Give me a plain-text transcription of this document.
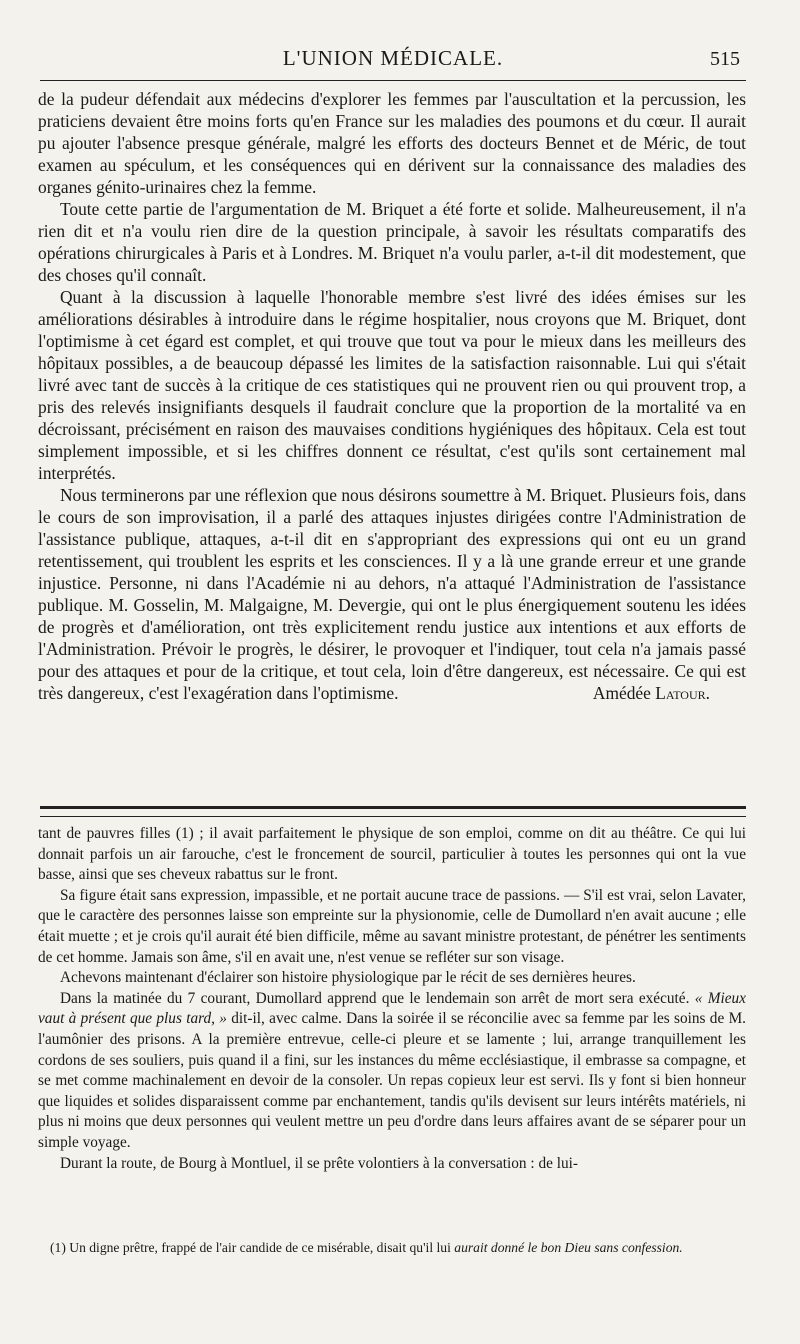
L'UNION MÉDICALE.	515

de la pudeur défendait aux médecins d'explorer les femmes par l'auscultation et la percussion, les praticiens devaient être moins forts qu'en France sur les maladies des poumons et du cœur. Il aurait pu ajouter l'absence presque générale, malgré les efforts des docteurs Bennet et de Méric, de tout examen au spéculum, et les conséquences qui en dérivent sur la connaissance des maladies des organes génito-urinaires chez la femme.

Toute cette partie de l'argumentation de M. Briquet a été forte et solide. Malheureusement, il n'a rien dit et n'a voulu rien dire de la question principale, à savoir les résultats comparatifs des opérations chirurgicales à Paris et à Londres. M. Briquet n'a voulu parler, a-t-il dit modestement, que des choses qu'il connaît.

Quant à la discussion à laquelle l'honorable membre s'est livré des idées émises sur les améliorations désirables à introduire dans le régime hospitalier, nous croyons que M. Briquet, dont l'optimisme à cet égard est complet, et qui trouve que tout va pour le mieux dans les meilleurs des hôpitaux possibles, a de beaucoup dépassé les limites de la satisfaction raisonnable. Lui qui s'était livré avec tant de succès à la critique de ces statistiques qui ne prouvent rien ou qui prouvent trop, a pris des relevés insignifiants desquels il faudrait conclure que la proportion de la mortalité va en décroissant, précisément en raison des mauvaises conditions hygiéniques des hôpitaux. Cela est tout simplement impossible, et si les chiffres donnent ce résultat, c'est qu'ils sont certainement mal interprétés.

Nous terminerons par une réflexion que nous désirons soumettre à M. Briquet. Plusieurs fois, dans le cours de son improvisation, il a parlé des attaques injustes dirigées contre l'Administration de l'assistance publique, attaques, a-t-il dit en s'appropriant des expressions qui ont eu un grand retentissement, qui troublent les esprits et les consciences. Il y a là une grande erreur et une grande injustice. Personne, ni dans l'Académie ni au dehors, n'a attaqué l'Administration de l'assistance publique. M. Gosselin, M. Malgaigne, M. Devergie, qui ont le plus énergiquement soutenu les idées de progrès et d'amélioration, ont très explicitement rendu justice aux intentions et aux efforts de l'Administration. Prévoir le progrès, le désirer, le provoquer et l'indiquer, tout cela n'a jamais passé pour des attaques et pour de la critique, et tout cela, loin d'être dangereux, est nécessaire. Ce qui est très dangereux, c'est l'exagération dans l'optimisme.	Amédée Latour.

tant de pauvres filles (1) ; il avait parfaitement le physique de son emploi, comme on dit au théâtre. Ce qui lui donnait parfois un air farouche, c'est le froncement de sourcil, particulier à toutes les personnes qui ont la vue basse, ainsi que ses cheveux rabattus sur le front.

Sa figure était sans expression, impassible, et ne portait aucune trace de passions. — S'il est vrai, selon Lavater, que le caractère des personnes laisse son empreinte sur la physionomie, celle de Dumollard n'en avait aucune ; elle était muette ; et je crois qu'il aurait été bien difficile, même au savant ministre protestant, de pénétrer les sentiments de cet homme. Jamais son âme, s'il en avait une, n'est venue se refléter sur son visage.

Achevons maintenant d'éclairer son histoire physiologique par le récit de ses dernières heures.

Dans la matinée du 7 courant, Dumollard apprend que le lendemain son arrêt de mort sera exécuté. « Mieux vaut à présent que plus tard, » dit-il, avec calme. Dans la soirée il se réconcilie avec sa femme par les soins de M. l'aumônier des prisons. A la première entrevue, celle-ci pleure et se lamente ; lui, arrange tranquillement les cordons de ses souliers, puis quand il a fini, sur les instances du même ecclésiastique, il embrasse sa compagne, et se met comme machinalement en devoir de la consoler. Un repas copieux leur est servi. Ils y font si bien honneur que liquides et solides disparaissent comme par enchantement, tandis qu'ils devisent sur leurs intérêts matériels, ni plus ni moins que deux personnes qui veulent mettre un peu d'ordre dans leurs affaires avant de se séparer pour un simple voyage.

Durant la route, de Bourg à Montluel, il se prête volontiers à la conversation : de lui-

(1) Un digne prêtre, frappé de l'air candide de ce misérable, disait qu'il lui aurait donné le bon Dieu sans confession.
